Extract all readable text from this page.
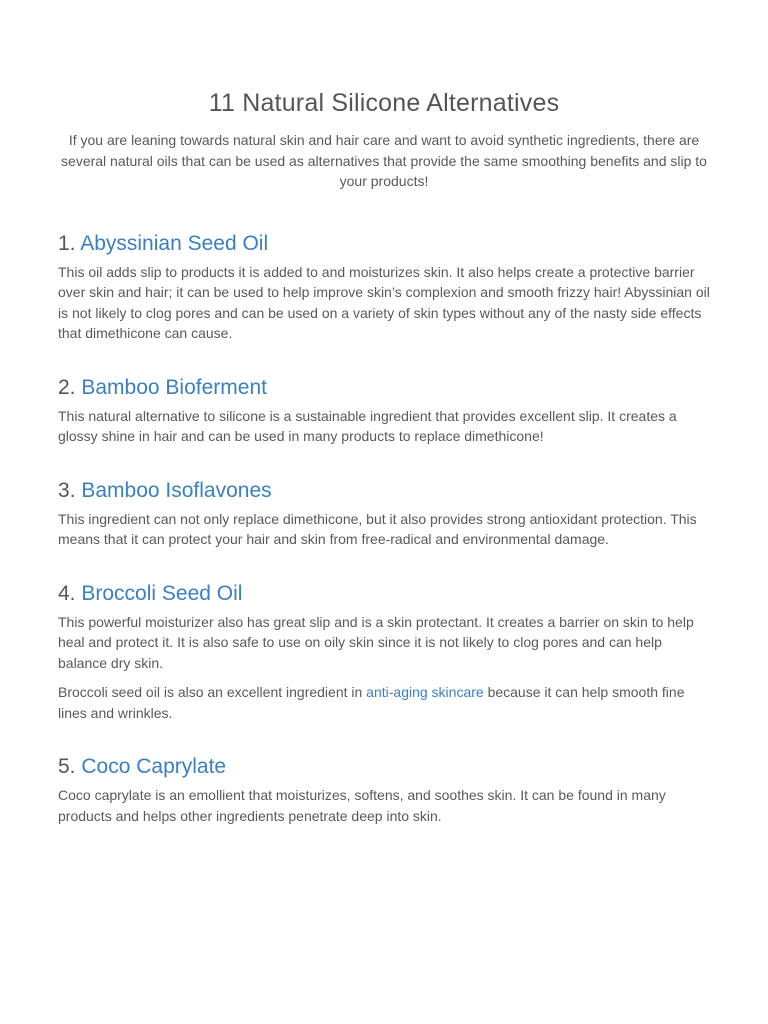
11 Natural Silicone Alternatives

If you are leaning towards natural skin and hair care and want to avoid synthetic ingredients, there are several natural oils that can be used as alternatives that provide the same smoothing benefits and slip to your products!

1. Abyssinian Seed Oil

This oil adds slip to products it is added to and moisturizes skin. It also helps create a protective barrier over skin and hair; it can be used to help improve skin’s complexion and smooth frizzy hair! Abyssinian oil is not likely to clog pores and can be used on a variety of skin types without any of the nasty side effects that dimethicone can cause.

2. Bamboo Bioferment

This natural alternative to silicone is a sustainable ingredient that provides excellent slip. It creates a glossy shine in hair and can be used in many products to replace dimethicone!

3. Bamboo Isoflavones

This ingredient can not only replace dimethicone, but it also provides strong antioxidant protection. This means that it can protect your hair and skin from free-radical and environmental damage.

4. Broccoli Seed Oil

This powerful moisturizer also has great slip and is a skin protectant. It creates a barrier on skin to help heal and protect it. It is also safe to use on oily skin since it is not likely to clog pores and can help balance dry skin.

Broccoli seed oil is also an excellent ingredient in anti-aging skincare because it can help smooth fine lines and wrinkles.

5. Coco Caprylate

Coco caprylate is an emollient that moisturizes, softens, and soothes skin. It can be found in many products and helps other ingredients penetrate deep into skin.
